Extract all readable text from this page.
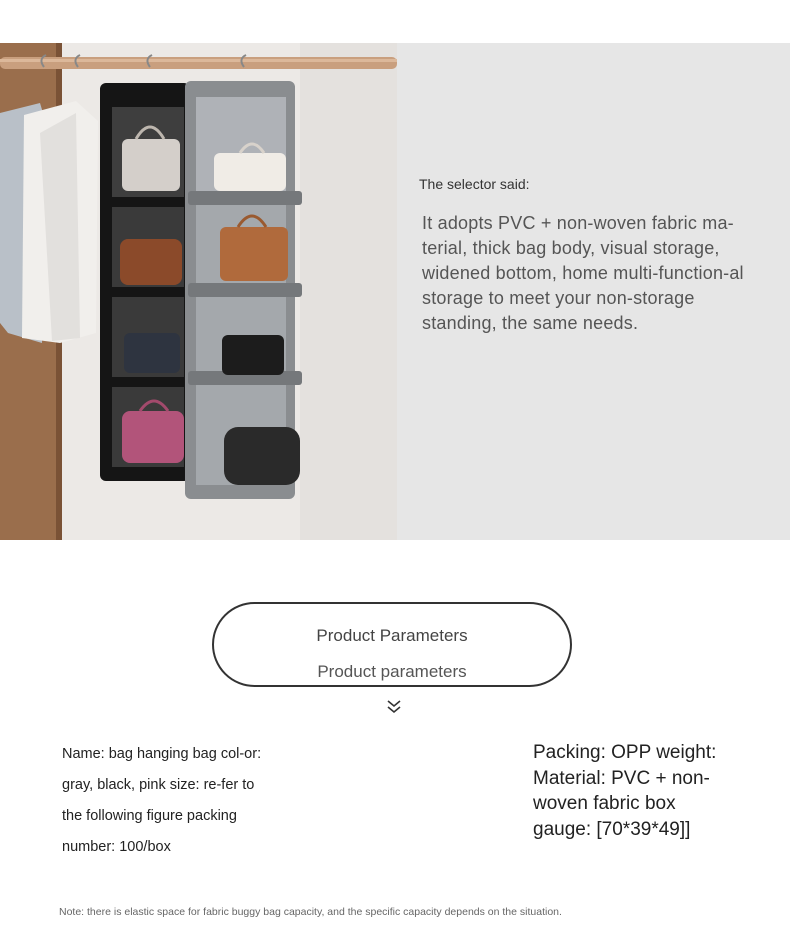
The selector said:
It adopts PVC + non-woven fabric ma-terial, thick bag body, visual storage, widened bottom, home multi-function-al storage to meet your non-storage standing, the same needs.
Product Parameters
Product parameters
Name: bag hanging bag col-or: gray, black, pink size: re-fer to the following figure packing number: 100/box
Packing: OPP weight: Material: PVC + non-woven fabric box gauge: [70*39*49]]
Note: there is elastic space for fabric buggy bag capacity, and the specific capacity depends on the situation.
